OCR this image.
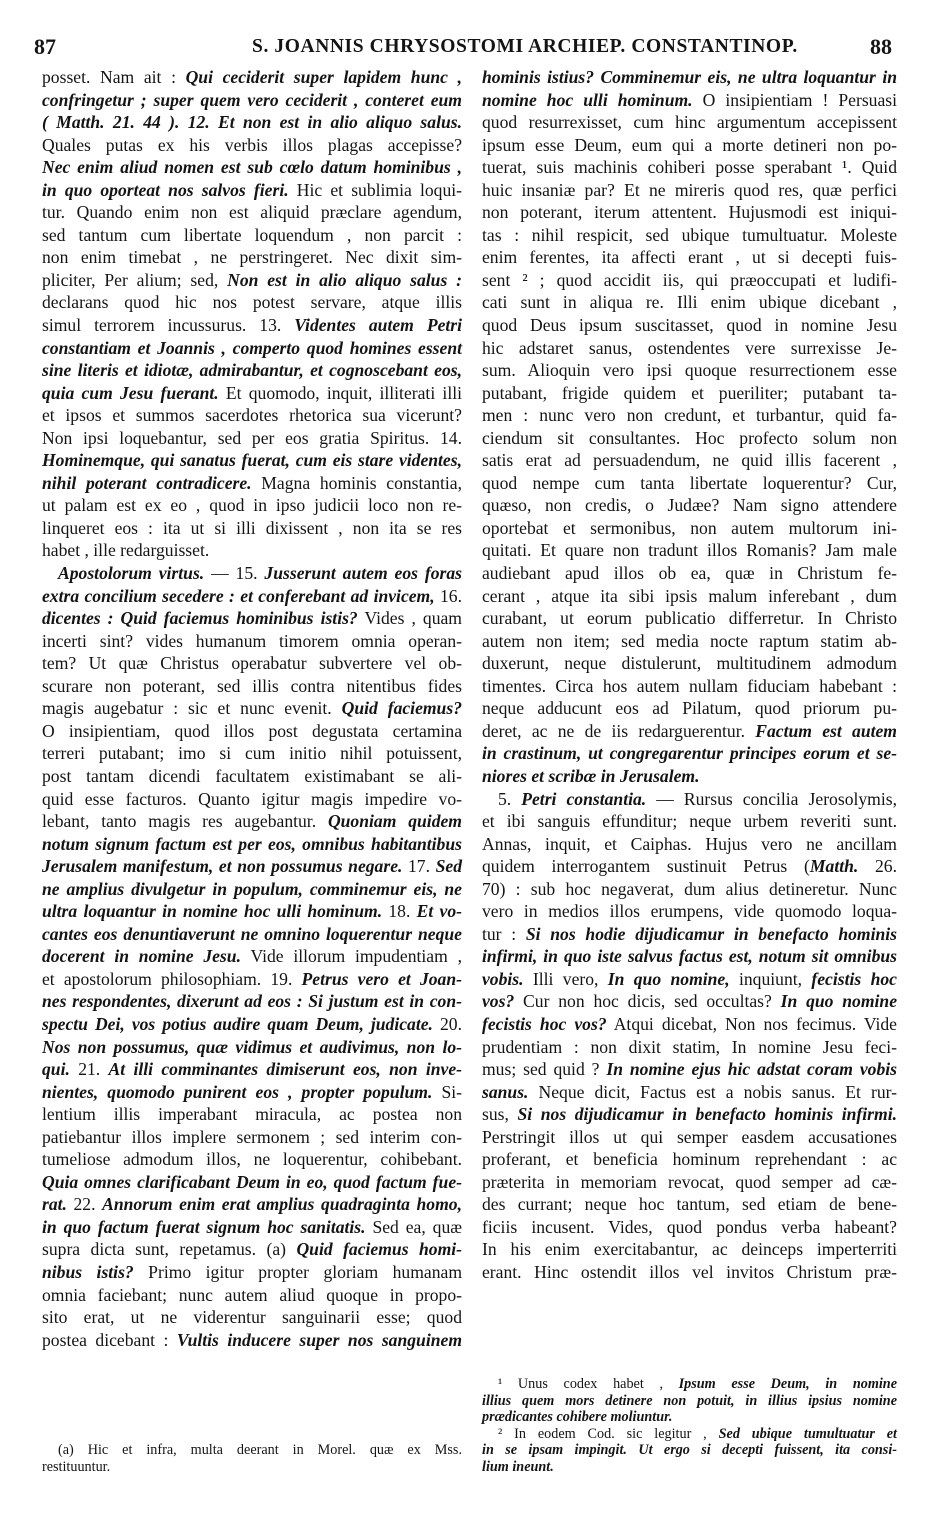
87	S. JOANNIS CHRYSOSTOMI ARCHIEP. CONSTANTINOP.	88
posset. Nam ait : Qui ceciderit super lapidem hunc ,
confringetur ; super quem vero ceciderit , conteret eum
( Matth. 21. 44 ). 12. Et non est in alio aliquo salus.
Quales putas ex his verbis illos plagas accepisse?
Nec enim aliud nomen est sub cœlo datum hominibus ,
in quo oporteat nos salvos fieri. Hic et sublimia loqui-
tur. Quando enim non est aliquid præclare agendum,
sed tantum cum libertate loquendum , non parcit :
non enim timebat , ne perstringeret. Nec dixit sim-
pliciter, Per alium; sed, Non est in alio aliquo salus :
declarans quod hic nos potest servare, atque illis
simul terrorem incussurus. 13. Videntes autem Petri
constantiam et Joannis , comperto quod homines essent
sine literis et idiotæ, admirabantur, et cognoscebant eos,
quia cum Jesu fuerant. Et quomodo, inquit, illiterati illi
et ipsos et summos sacerdotes rhetorica sua vicerunt?
Non ipsi loquebantur, sed per eos gratia Spiritus. 14.
Hominemque, qui sanatus fuerat, cum eis stare videntes,
nihil poterant contradicere. Magna hominis constantia,
ut palam est ex eo , quod in ipso judicii loco non re-
linqueret eos : ita ut si illi dixissent , non ita se res
habet , ille redarguisset.
Apostolorum virtus. — 15. Jusserunt autem eos foras
extra concilium secedere : et conferebant ad invicem, 16.
dicentes : Quid faciemus hominibus istis? Vides , quam
incerti sint? vides humanum timorem omnia operan-
tem? Ut quæ Christus operabatur subvertere vel ob-
scurare non poterant, sed illis contra nitentibus fides
magis augebatur : sic et nunc evenit. Quid faciemus?
O insipientiam, quod illos post degustata certamina
terreri putabant; imo si cum initio nihil potuissent,
post tantam dicendi facultatem existimabant se ali-
quid esse facturos. Quanto igitur magis impedire vo-
lebant, tanto magis res augebantur. Quoniam quidem
notum signum factum est per eos, omnibus habitantibus
Jerusalem manifestum, et non possumus negare. 17. Sed
ne amplius divulgetur in populum, comminemur eis, ne
ultra loquantur in nomine hoc ulli hominum. 18. Et vo-
cantes eos denuntiaverunt ne omnino loquerentur neque
docerent in nomine Jesu. Vide illorum impudentiam ,
et apostolorum philosophiam. 19. Petrus vero et Joan-
nes respondentes, dixerunt ad eos : Si justum est in con-
spectu Dei, vos potius audire quam Deum, judicate. 20.
Nos non possumus, quæ vidimus et audivimus, non lo-
qui. 21. At illi comminantes dimiserunt eos, non inve-
nientes, quomodo punirent eos , propter populum. Si-
lentium illis imperabant miracula, ac postea non
patiebantur illos implere sermonem ; sed interim con-
tumeliose admodum illos, ne loquerentur, cohibebant.
Quia omnes clarificabant Deum in eo, quod factum fue-
rat. 22. Annorum enim erat amplius quadraginta homo,
in quo factum fuerat signum hoc sanitatis. Sed ea, quæ
supra dicta sunt, repetamus. (a) Quid faciemus homi-
nibus istis? Primo igitur propter gloriam humanam
omnia faciebant; nunc autem aliud quoque in propo-
sito erat, ut ne viderentur sanguinarii esse; quod
postea dicebant : Vultis inducere super nos sanguinem
hominis istius? Comminemur eis, ne ultra loquantur in
nomine hoc ulli hominum. O insipientiam ! Persuasi
quod resurrexisset, cum hinc argumentum accepissent
ipsum esse Deum, eum qui a morte detineri non po-
tuerat, suis machinis cohiberi posse sperabant ¹. Quid
huic insaniæ par? Et ne mireris quod res, quæ perfici
non poterant, iterum attentent. Hujusmodi est iniqui-
tas : nihil respicit, sed ubique tumultuatur. Moleste
enim ferentes, ita affecti erant , ut si decepti fuis-
sent ² ; quod accidit iis, qui præoccupati et ludifi-
cati sunt in aliqua re. Illi enim ubique dicebant ,
quod Deus ipsum suscitasset, quod in nomine Jesu
hic adstaret sanus, ostendentes vere surrexisse Je-
sum. Alioquin vero ipsi quoque resurrectionem esse
putabant, frigide quidem et pueriliter; putabant ta-
men : nunc vero non credunt, et turbantur, quid fa-
ciendum sit consultantes. Hoc profecto solum non
satis erat ad persuadendum, ne quid illis facerent ,
quod nempe cum tanta libertate loquerentur? Cur,
quæso, non credis, o Judæe? Nam signo attendere
oportebat et sermonibus, non autem multorum ini-
quitati. Et quare non tradunt illos Romanis? Jam male
audiebant apud illos ob ea, quæ in Christum fe-
cerant , atque ita sibi ipsis malum inferebant , dum
curabant, ut eorum publicatio differretur. In Christo
autem non item; sed media nocte raptum statim ab-
duxerunt, neque distulerunt, multitudinem admodum
timentes. Circa hos autem nullam fiduciam habebant :
neque adducunt eos ad Pilatum, quod priorum pu-
deret, ac ne de iis redarguerentur. Factum est autem
in crastinum, ut congregarentur principes eorum et se-
niores et scribæ in Jerusalem.
5. Petri constantia. — Rursus concilia Jerosolymis,
et ibi sanguis effunditur; neque urbem reveriti sunt.
Annas, inquit, et Caiphas. Hujus vero ne ancillam
quidem interrogantem sustinuit Petrus (Matth. 26.
70) : sub hoc negaverat, dum alius detineretur. Nunc
vero in medios illos erumpens, vide quomodo loqua-
tur : Si nos hodie dijudicamur in benefacto hominis
infirmi, in quo iste salvus factus est, notum sit omnibus
vobis. Illi vero, In quo nomine, inquiunt, fecistis hoc
vos? Cur non hoc dicis, sed occultas? In quo nomine
fecistis hoc vos? Atqui dicebat, Non nos fecimus. Vide
prudentiam : non dixit statim, In nomine Jesu feci-
mus; sed quid ? In nomine ejus hic adstat coram vobis
sanus. Neque dicit, Factus est a nobis sanus. Et rur-
sus, Si nos dijudicamur in benefacto hominis infirmi.
Perstringit illos ut qui semper easdem accusationes
proferant, et beneficia hominum reprehendant : ac
præterita in memoriam revocat, quod semper ad cæ-
des currant; neque hoc tantum, sed etiam de bene-
ficiis incusent. Vides, quod pondus verba habeant?
In his enim exercitabantur, ac deinceps imperterriti
erant. Hinc ostendit illos vel invitos Christum præ-
(a) Hic et infra, multa deerant in Morel. quæ ex Mss.
restituuntur.
¹ Unus codex habet , Ipsum esse Deum, in nomine
illius quem mors detinere non potuit, in illius ipsius nomine
prædicantes cohibere moliuntur.
² In eodem Cod. sic legitur , Sed ubique tumultuatur et
in se ipsam impingit. Ut ergo si decepti fuissent, ita consi-
lium ineunt.
